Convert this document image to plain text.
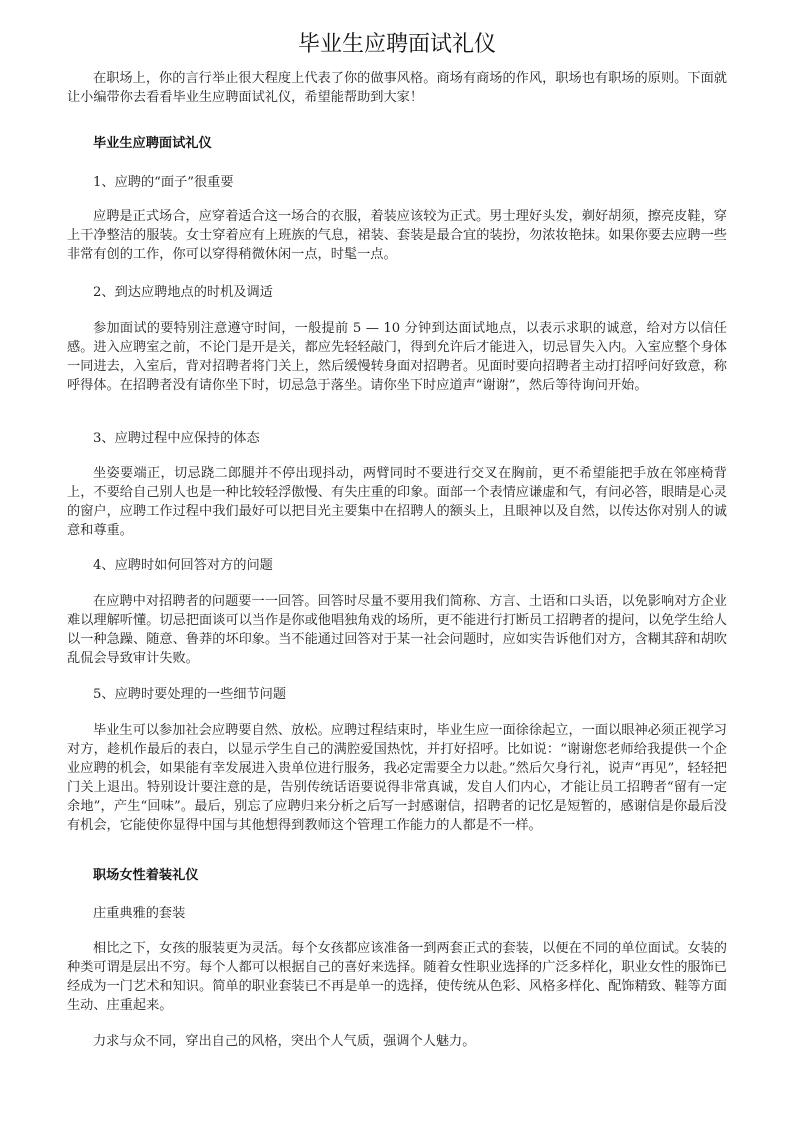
毕业生应聘面试礼仪

在职场上，你的言行举止很大程度上代表了你的做事风格。商场有商场的作风，职场也有职场的原则。下面就让小编带你去看看毕业生应聘面试礼仪，希望能帮助到大家！

毕业生应聘面试礼仪

1、应聘的“面子”很重要

应聘是正式场合，应穿着适合这一场合的衣服，着装应该较为正式。男士理好头发，剃好胡须，擦亮皮鞋，穿上干净整洁的服装。女士穿着应有上班族的气息，裙装、套装是最合宜的装扮，勿浓妆艳抹。如果你要去应聘一些非常有创的工作，你可以穿得稍微休闲一点，时髦一点。

2、到达应聘地点的时机及调适

参加面试的要特别注意遵守时间，一般提前 5 — 10 分钟到达面试地点，以表示求职的诚意，给对方以信任感。进入应聘室之前，不论门是开是关，都应先轻轻敲门，得到允许后才能进入，切忌冒失入内。入室应整个身体一同进去，入室后，背对招聘者将门关上，然后缓慢转身面对招聘者。见面时要向招聘者主动打招呼问好致意，称呼得体。在招聘者没有请你坐下时，切忌急于落坐。请你坐下时应道声“谢谢”，然后等待询问开始。

3、应聘过程中应保持的体态

坐姿要端正，切忌跷二郎腿并不停出现抖动，两臂同时不要进行交叉在胸前，更不希望能把手放在邻座椅背上，不要给自己别人也是一种比较轻浮傲慢、有失庄重的印象。面部一个表情应谦虚和气，有问必答，眼睛是心灵的窗户，应聘工作过程中我们最好可以把目光主要集中在招聘人的额头上，且眼神以及自然，以传达你对别人的诚意和尊重。

4、应聘时如何回答对方的问题

在应聘中对招聘者的问题要一一回答。回答时尽量不要用我们简称、方言、土语和口头语，以免影响对方企业难以理解听懂。切忌把面谈可以当作是你或他唱独角戏的场所，更不能进行打断员工招聘者的提问，以免学生给人以一种急躁、随意、鲁莽的坏印象。当不能通过回答对于某一社会问题时，应如实告诉他们对方，含糊其辞和胡吹乱侃会导致审计失败。

5、应聘时要处理的一些细节问题

毕业生可以参加社会应聘要自然、放松。应聘过程结束时，毕业生应一面徐徐起立，一面以眼神必须正视学习对方，趁机作最后的表白，以显示学生自己的满腔爱国热忱，并打好招呼。比如说：“谢谢您老师给我提供一个企业应聘的机会，如果能有幸发展进入贵单位进行服务，我必定需要全力以赴。”然后欠身行礼，说声“再见”，轻轻把门关上退出。特别设计要注意的是，告别传统话语要说得非常真诚，发自人们内心，才能让员工招聘者“留有一定余地”，产生“回味”。最后，别忘了应聘归来分析之后写一封感谢信，招聘者的记忆是短暂的，感谢信是你最后没有机会，它能使你显得中国与其他想得到教师这个管理工作能力的人都是不一样。

职场女性着装礼仪

庄重典雅的套装

相比之下，女孩的服装更为灵活。每个女孩都应该准备一到两套正式的套装，以便在不同的单位面试。女装的种类可谓是层出不穷。每个人都可以根据自己的喜好来选择。随着女性职业选择的广泛多样化，职业女性的服饰已经成为一门艺术和知识。简单的职业套装已不再是单一的选择，使传统从色彩、风格多样化、配饰精致、鞋等方面生动、庄重起来。

力求与众不同，穿出自己的风格，突出个人气质，强调个人魅力。
